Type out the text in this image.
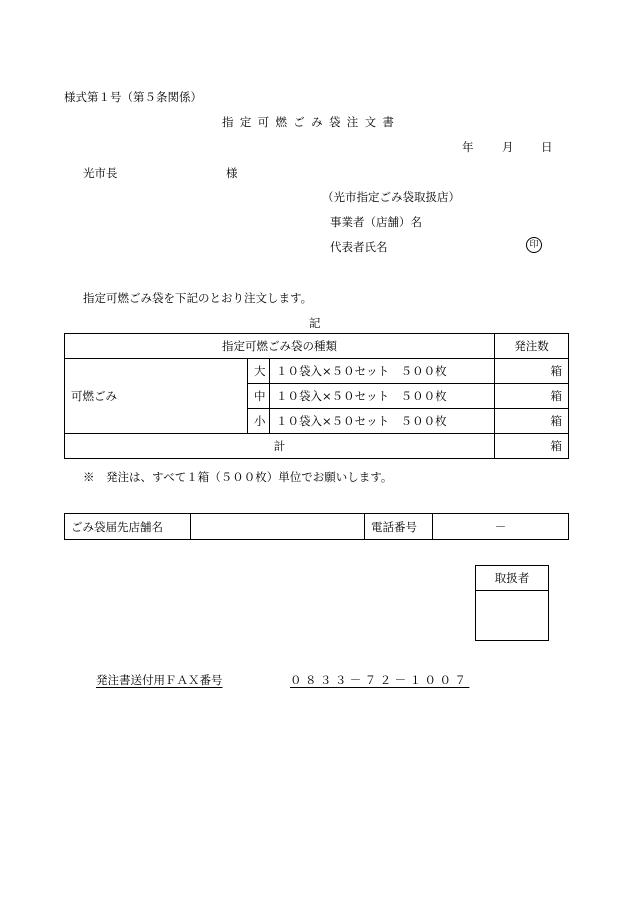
様式第１号（第５条関係）
指定可燃ごみ袋注文書
年 月 日
光市長	様
（光市指定ごみ袋取扱店）
事業者（店舗）名
代表者氏名	印
指定可燃ごみ袋を下記のとおり注文します。
記
指定可燃ごみ袋の種類			発注数
可燃ごみ	大	１０袋入×５０セット　５００枚	箱
	中	１０袋入×５０セット　５００枚	箱
	小	１０袋入×５０セット　５００枚	箱
計			箱
※　発注は、すべて１箱（５００枚）単位でお願いします。
ごみ袋届先店舗名		電話番号	－
取扱者
発注書送付用ＦＡＸ番号	０８３３－７２－１００７
